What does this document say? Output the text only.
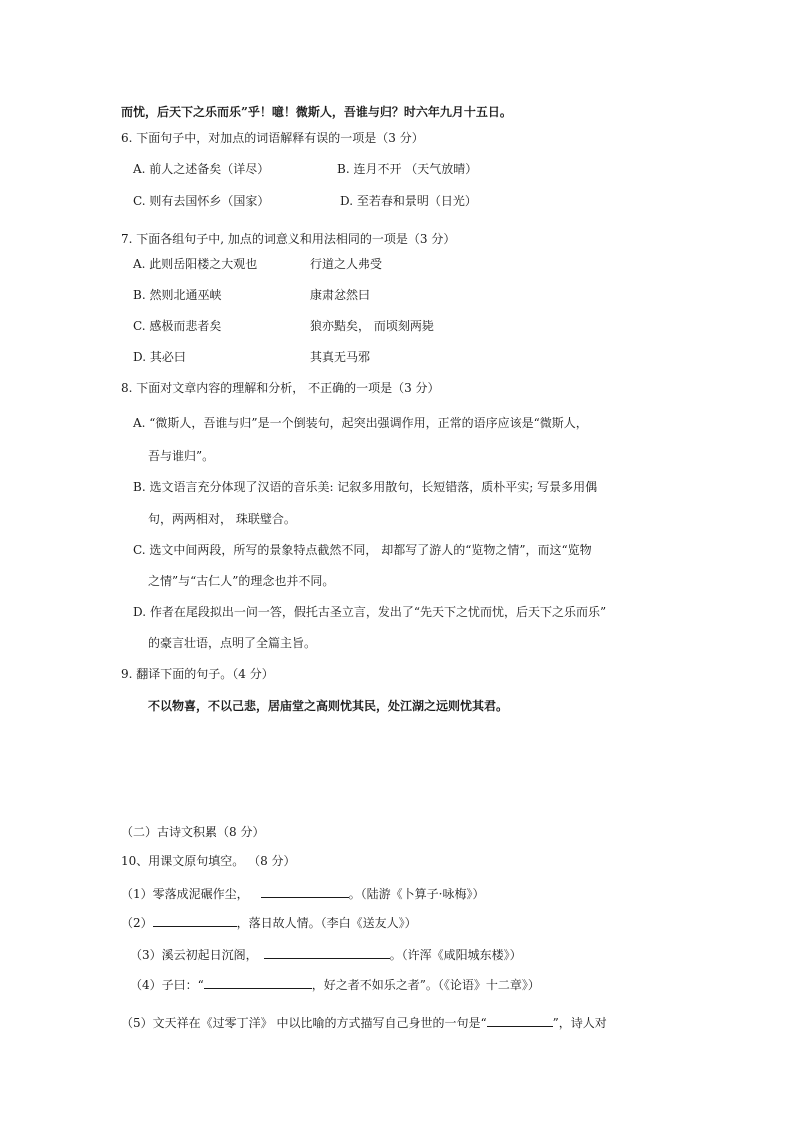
而忧，后天下之乐而乐”乎！噫！微斯人，吾谁与归？时六年九月十五日。
6. 下面句子中，对加点的词语解释有误的一项是（3 分）
A. 前人之述备矣（详尽）	B. 连月不开 （天气放晴）
C. 则有去国怀乡（国家）	D. 至若春和景明（日光）
7. 下面各组句子中, 加点的词意义和用法相同的一项是（3 分）
A. 此则岳阳楼之大观也	行道之人弗受
B. 然则北通巫峡	康肃忿然曰
C. 感极而悲者矣	狼亦黠矣， 而顷刻两毙
D. 其必曰	其真无马邪
8. 下面对文章内容的理解和分析， 不正确的一项是（3 分）
A. “微斯人，吾谁与归”是一个倒装句，起突出强调作用，正常的语序应该是“微斯人，
吾与谁归”。
B. 选文语言充分体现了汉语的音乐美: 记叙多用散句，长短错落，质朴平实; 写景多用偶
句，两两相对， 珠联璧合。
C. 选文中间两段，所写的景象特点截然不同， 却都写了游人的“览物之情”，而这“览物
之情”与“古仁人”的理念也并不同。
D. 作者在尾段拟出一问一答，假托古圣立言，发出了“先天下之忧而忧，后天下之乐而乐”
的豪言壮语，点明了全篇主旨。
9. 翻译下面的句子。（4 分）
不以物喜，不以己悲，居庙堂之高则忧其民，处江湖之远则忧其君。
（二）古诗文积累（8 分）
10、用课文原句填空。 （8 分）
（1）零落成泥碾作尘，	。（陆游《卜算子·咏梅》）
（2）	，落日故人情。（李白《送友人》）
（3）溪云初起日沉阁，	。（许浑《咸阳城东楼》）
（4）子曰：“	，好之者不如乐之者”。（《论语》十二章》）
（5）文天祥在《过零丁洋》 中以比喻的方式描写自己身世的一句是“	”，诗人对
